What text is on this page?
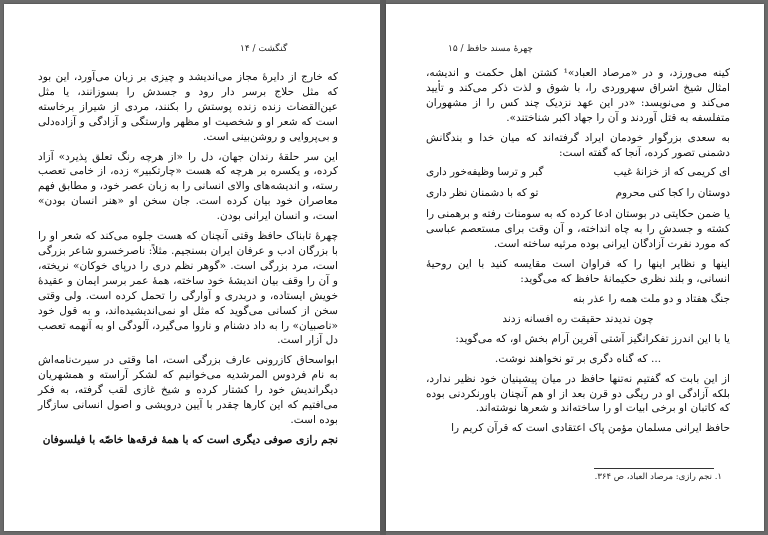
گنگشت / ۱۴

که خارج از دایرهٔ مجاز می‌اندیشد و چیزی بر زبان می‌آورد، این بود که مثل حلاج برسر دار رود و جسدش را بسوزانند، یا مثل عین‌القضات زنده زنده پوستش را بکنند، مردی از شیراز برخاسته است که شعر او و شخصیت او مظهر وارستگی و آزادگی و آزاده‌دلی و بی‌پروایی و روشن‌بینی است.

این سر حلقهٔ رندان جهان، دل را «از هرچه رنگ تعلق پذیرد» آزاد کرده، و یکسره بر هرچه که هست «چارتکبیر» زده، از خامی تعصب رسته، و اندیشه‌های والای انسانی را به زبان عصر خود، و مطابق فهم معاصران خود بیان کرده است. جان سخن او «هنر انسان بودن» است، و انسان ایرانی بودن.

چهرهٔ تابناک حافظ وقتی آنچنان که هست جلوه می‌کند که شعر او را با بزرگان ادب و عرفان ایران بسنجیم. مثلاً: ناصرخسرو شاعر بزرگی است، مرد بزرگی است. «گوهر نظم دری را درپای خوکان» نریخته، و آن را وقف بیان اندیشهٔ خود ساخته، همهٔ عمر برسر ایمان و عقیدهٔ خویش ایستاده، و دربدری و آوارگی را تحمل کرده است. ولی وقتی سخن از کسانی می‌گوید که مثل او نمی‌اندیشیده‌اند، و به قول خود «ناصبیان» را به داد دشنام و ناروا می‌گیرد، آلودگی او به آنهمه تعصب دل آزار است.

ابواسحاق کازرونی عارف بزرگی است، اما وقتی در سیرت‌نامه‌اش به نام فردوس المرشدیه می‌خوانیم که لشکر آراسته و همشهریان دیگراندیش خود را کشتار کرده و شیخ غازی لقب گرفته، به فکر می‌افتیم که این کارها چقدر با آیین درویشی و اصول انسانی سازگار بوده است.

نجم رازی صوفی دیگری است که با همهٔ فرقه‌ها خاصّه با فیلسوفان

چهرهٔ مسند حافظ / ۱۵

کینه می‌ورزد، و در «مرصاد العباد»¹ کشتن اهل حکمت و اندیشه، امثال شیخ اشراق سهروردی را، با شوق و لذت ذکر می‌کند و تأیید می‌کند و می‌نویسد: «در این عهد نزدیک چند کس را از مشهوران متفلسفه به قتل آوردند و آن را جهاد اکبر شناختند».

به سعدی بزرگوار خودمان ایراد گرفته‌اند که میان خدا و بندگانش دشمنی تصور کرده، آنجا که گفته است:

ای کریمی که از خزانهٔ غیب
گبر و ترسا وظیفه‌خور داری
دوستان را کجا کنی محروم
تو که با دشمنان نظر داری

یا ضمن حکایتی در بوستان ادعا کرده که به سومنات رفته و برهمنی را کشته و جسدش را به چاه انداخته، و آن وقت برای مستعصم عباسی که مورد نفرت آزادگان ایرانی بوده مرثیه ساخته است.

اینها و نظایر اینها را که فراوان است مقایسه کنید با این روحیهٔ انسانی، و بلند نظری حکیمانهٔ حافظ که می‌گوید:

جنگ هفتاد و دو ملت همه را عذر بنه

چون ندیدند حقیقت ره افسانه زدند

یا با این اندرز تفکرانگیز آشتی آفرین آرام بخش او، که می‌گوید:

... که گناه دگری بر تو نخواهند نوشت.

از این بابت که گفتیم نه‌تنها حافظ در میان پیشینیان خود نظیر ندارد، بلکه آزادگی او در ریگی دو قرن بعد از او هم آنچنان باورنکردنی بوده که کاتبان او برخی ابیات او را ساخته‌اند و شعرها نوشته‌اند.

حافظ ایرانی مسلمان مؤمن پاک اعتقادی است که قرآن کریم را

۱. نجم رازی: مرصاد العباد، ص ۳۶۴.
